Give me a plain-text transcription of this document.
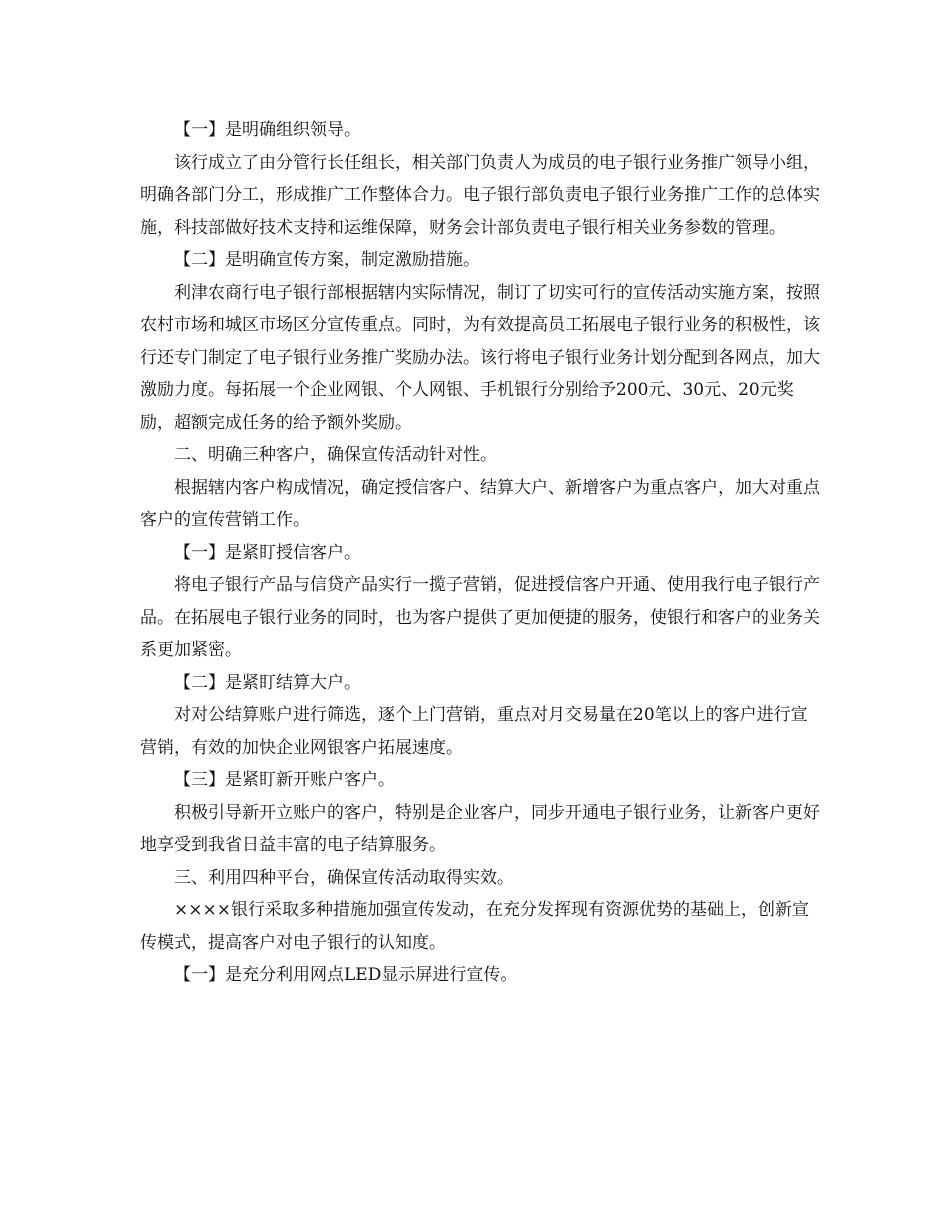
【一】是明确组织领导。

该行成立了由分管行长任组长，相关部门负责人为成员的电子银行业务推广领导小组，明确各部门分工，形成推广工作整体合力。电子银行部负责电子银行业务推广工作的总体实施，科技部做好技术支持和运维保障，财务会计部负责电子银行相关业务参数的管理。

【二】是明确宣传方案，制定激励措施。

利津农商行电子银行部根据辖内实际情况，制订了切实可行的宣传活动实施方案，按照农村市场和城区市场区分宣传重点。同时，为有效提高员工拓展电子银行业务的积极性，该行还专门制定了电子银行业务推广奖励办法。该行将电子银行业务计划分配到各网点，加大激励力度。每拓展一个企业网银、个人网银、手机银行分别给予200元、30元、20元奖励，超额完成任务的给予额外奖励。

二、明确三种客户，确保宣传活动针对性。

根据辖内客户构成情况，确定授信客户、结算大户、新增客户为重点客户，加大对重点客户的宣传营销工作。

【一】是紧盯授信客户。

将电子银行产品与信贷产品实行一揽子营销，促进授信客户开通、使用我行电子银行产品。在拓展电子银行业务的同时，也为客户提供了更加便捷的服务，使银行和客户的业务关系更加紧密。

【二】是紧盯结算大户。

对对公结算账户进行筛选，逐个上门营销，重点对月交易量在20笔以上的客户进行宣营销，有效的加快企业网银客户拓展速度。

【三】是紧盯新开账户客户。

积极引导新开立账户的客户，特别是企业客户，同步开通电子银行业务，让新客户更好地享受到我省日益丰富的电子结算服务。

三、利用四种平台，确保宣传活动取得实效。

××××银行采取多种措施加强宣传发动，在充分发挥现有资源优势的基础上，创新宣传模式，提高客户对电子银行的认知度。

【一】是充分利用网点LED显示屏进行宣传。
